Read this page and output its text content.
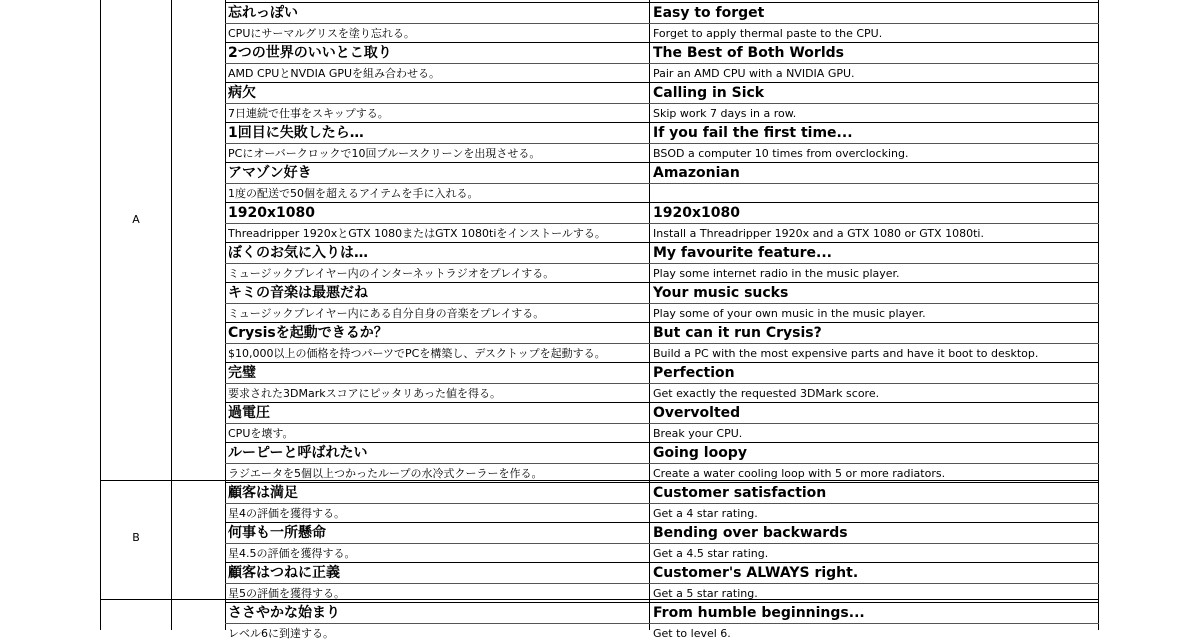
A
B
忘れっぽい
CPUにサーマルグリスを塗り忘れる。
Easy to forget
Forget to apply thermal paste to the CPU.
2つの世界のいいとこ取り
AMD CPUとNVDIA GPUを組み合わせる。
The Best of Both Worlds
Pair an AMD CPU with a NVIDIA GPU.
病欠
7日連続で仕事をスキップする。
Calling in Sick
Skip work 7 days in a row.
1回目に失敗したら…
PCにオーバークロックで10回ブルースクリーンを出現させる。
If you fail the first time...
BSOD a computer 10 times from overclocking.
アマゾン好き
1度の配送で50個を超えるアイテムを手に入れる。
Amazonian
1920x1080
Threadripper 1920xとGTX 1080またはGTX 1080tiをインストールする。
1920x1080
Install a Threadripper 1920x and a GTX 1080 or GTX 1080ti.
ぼくのお気に入りは…
ミュージックプレイヤー内のインターネットラジオをプレイする。
My favourite feature...
Play some internet radio in the music player.
キミの音楽は最悪だね
ミュージックプレイヤー内にある自分自身の音楽をプレイする。
Your music sucks
Play some of your own music in the music player.
Crysisを起動できるか？
$10,000以上の価格を持つパーツでPCを構築し、デスクトップを起動する。
But can it run Crysis?
Build a PC with the most expensive parts and have it boot to desktop.
完璧
要求された3DMarkスコアにピッタリあった値を得る。
Perfection
Get exactly the requested 3DMark score.
過電圧
CPUを壊す。
Overvolted
Break your CPU.
ルーピーと呼ばれたい
ラジエータを5個以上つかったループの水冷式クーラーを作る。
Going loopy
Create a water cooling loop with 5 or more radiators.
顧客は満足
星4の評価を獲得する。
Customer satisfaction
Get a 4 star rating.
何事も一所懸命
星4.5の評価を獲得する。
Bending over backwards
Get a 4.5 star rating.
顧客はつねに正義
星5の評価を獲得する。
Customer's ALWAYS right.
Get a 5 star rating.
ささやかな始まり
レベル6に到達する。
From humble beginnings...
Get to level 6.
